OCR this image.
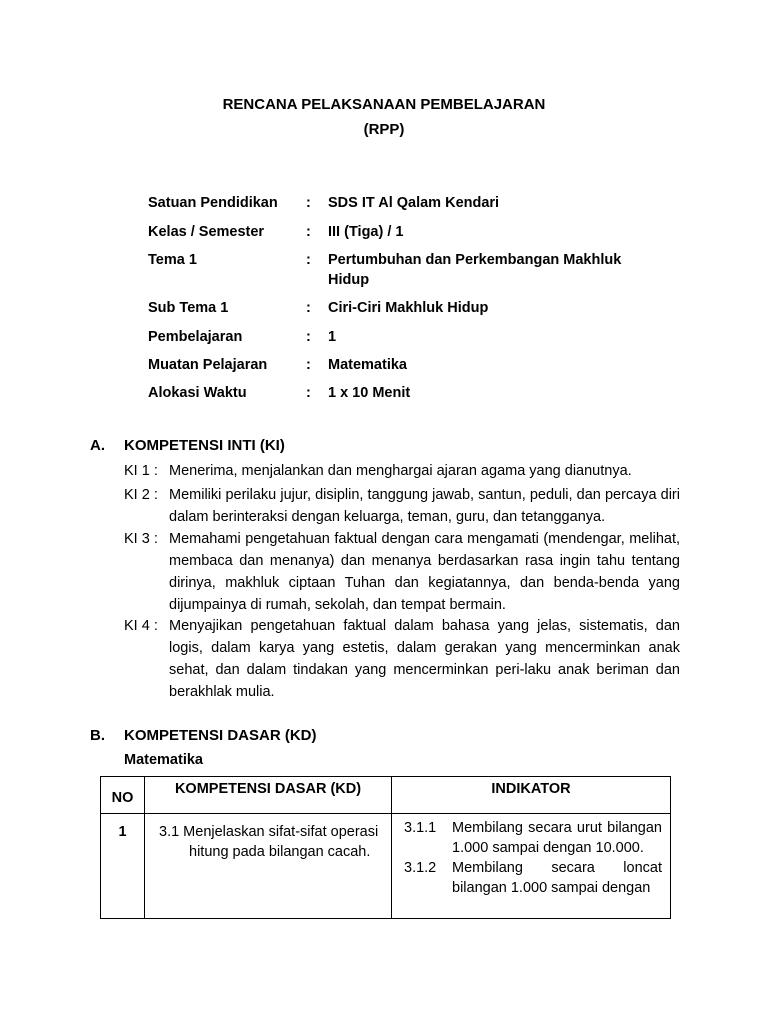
RENCANA PELAKSANAAN PEMBELAJARAN
(RPP)
Satuan Pendidikan : SDS IT Al Qalam Kendari
Kelas / Semester	: III (Tiga) / 1
Tema 1	: Pertumbuhan dan Perkembangan Makhluk Hidup
Sub Tema 1	: Ciri-Ciri Makhluk Hidup
Pembelajaran	: 1
Muatan Pelajaran	: Matematika
Alokasi Waktu	: 1 x 10 Menit
A. KOMPETENSI INTI (KI)
KI 1 : Menerima, menjalankan dan menghargai ajaran agama yang dianutnya.
KI 2 : Memiliki perilaku jujur, disiplin, tanggung jawab, santun, peduli, dan percaya diri dalam berinteraksi dengan keluarga, teman, guru, dan tetangganya.
KI 3 : Memahami pengetahuan faktual dengan cara mengamati (mendengar, melihat, membaca dan menanya) dan menanya berdasarkan rasa ingin tahu tentang dirinya, makhluk ciptaan Tuhan dan kegiatannya, dan benda-benda yang dijumpainya di rumah, sekolah, dan tempat bermain.
KI 4 : Menyajikan pengetahuan faktual dalam bahasa yang jelas, sistematis, dan logis, dalam karya yang estetis, dalam gerakan yang mencerminkan anak sehat, dan dalam tindakan yang mencerminkan peri-laku anak beriman dan berakhlak mulia.
B. KOMPETENSI DASAR (KD)
Matematika
NO	KOMPETENSI DASAR (KD)	INDIKATOR
1	3.1 Menjelaskan sifat-sifat operasi hitung pada bilangan cacah.	3.1.1 Membilang secara urut bilangan 1.000 sampai dengan 10.000.
3.1.2 Membilang secara loncat bilangan 1.000 sampai dengan
